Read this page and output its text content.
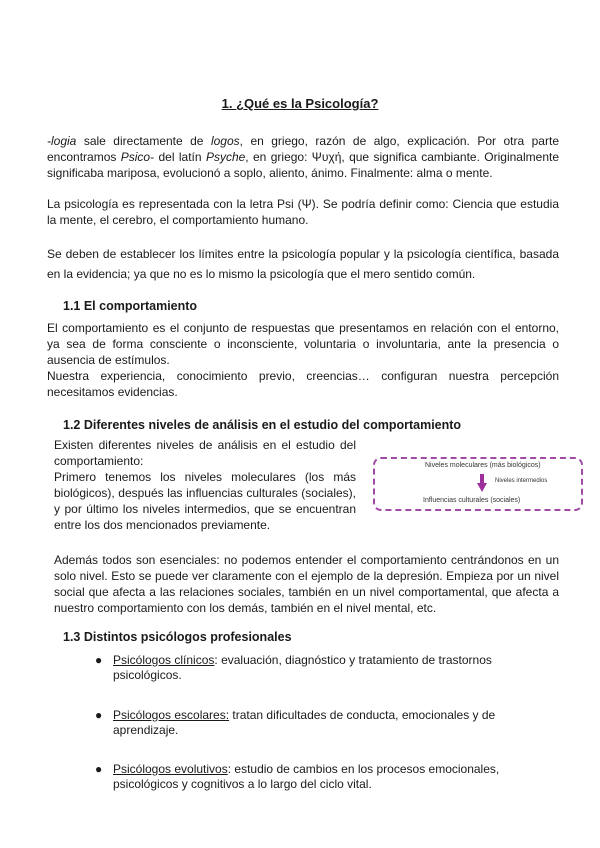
1. ¿Qué es la Psicología?
-logia sale directamente de logos, en griego, razón de algo, explicación. Por otra parte
encontramos Psico- del latín Psyche, en griego: Ψυχή, que significa cambiante. Originalmente
significaba mariposa, evolucionó a soplo, aliento, ánimo. Finalmente: alma o mente.
La psicología es representada con la letra Psi (Ψ). Se podría definir como: Ciencia que estudia
la mente, el cerebro, el comportamiento humano.
Se deben de establecer los límites entre la psicología popular y la psicología científica, basada
en la evidencia; ya que no es lo mismo la psicología que el mero sentido común.
1.1 El comportamiento
El comportamiento es el conjunto de respuestas que presentamos en relación con el entorno,
ya sea de forma consciente o inconsciente, voluntaria o involuntaria, ante la presencia o
ausencia de estímulos.
Nuestra experiencia, conocimiento previo, creencias… configuran nuestra percepción
necesitamos evidencias.
1.2 Diferentes niveles de análisis en el estudio del comportamiento
Existen diferentes niveles de análisis en el estudio del
comportamiento:
Primero tenemos los niveles moleculares (los más
biológicos), después las influencias culturales (sociales),
y por último los niveles intermedios, que se encuentran
entre los dos mencionados previamente.
Niveles moleculares (más biológicos)
Niveles intermedios
Influencias culturales (sociales)
Además todos son esenciales: no podemos entender el comportamiento centrándonos en un
solo nivel. Esto se puede ver claramente con el ejemplo de la depresión. Empieza por un nivel
social que afecta a las relaciones sociales, también en un nivel comportamental, que afecta a
nuestro comportamiento con los demás, también en el nivel mental, etc.
1.3 Distintos psicólogos profesionales
● Psicólogos clínicos: evaluación, diagnóstico y tratamiento de trastornos
psicológicos.
● Psicólogos escolares: tratan dificultades de conducta, emocionales y de
aprendizaje.
● Psicólogos evolutivos: estudio de cambios en los procesos emocionales,
psicológicos y cognitivos a lo largo del ciclo vital.
